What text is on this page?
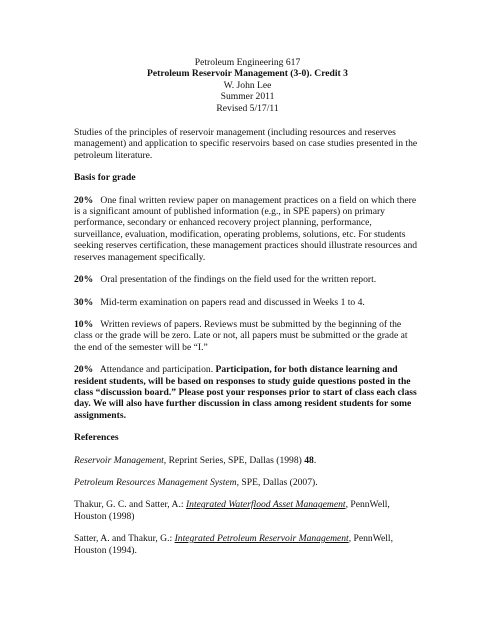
Petroleum Engineering 617
Petroleum Reservoir Management (3-0). Credit 3
W. John Lee
Summer 2011
Revised 5/17/11

Studies of the principles of reservoir management (including resources and reserves management) and application to specific reservoirs based on case studies presented in the petroleum literature.

Basis for grade

20% One final written review paper on management practices on a field on which there is a significant amount of published information (e.g., in SPE papers) on primary performance, secondary or enhanced recovery project planning, performance, surveillance, evaluation, modification, operating problems, solutions, etc. For students seeking reserves certification, these management practices should illustrate resources and reserves management specifically.

20% Oral presentation of the findings on the field used for the written report.

30% Mid-term examination on papers read and discussed in Weeks 1 to 4.

10% Written reviews of papers. Reviews must be submitted by the beginning of the class or the grade will be zero. Late or not, all papers must be submitted or the grade at the end of the semester will be “I.”

20% Attendance and participation. Participation, for both distance learning and resident students, will be based on responses to study guide questions posted in the class “discussion board.” Please post your responses prior to start of class each class day. We will also have further discussion in class among resident students for some assignments.

References

Reservoir Management, Reprint Series, SPE, Dallas (1998) 48.

Petroleum Resources Management System, SPE, Dallas (2007).

Thakur, G. C. and Satter, A.: Integrated Waterflood Asset Management, PennWell, Houston (1998)

Satter, A. and Thakur, G.: Integrated Petroleum Reservoir Management, PennWell, Houston (1994).
